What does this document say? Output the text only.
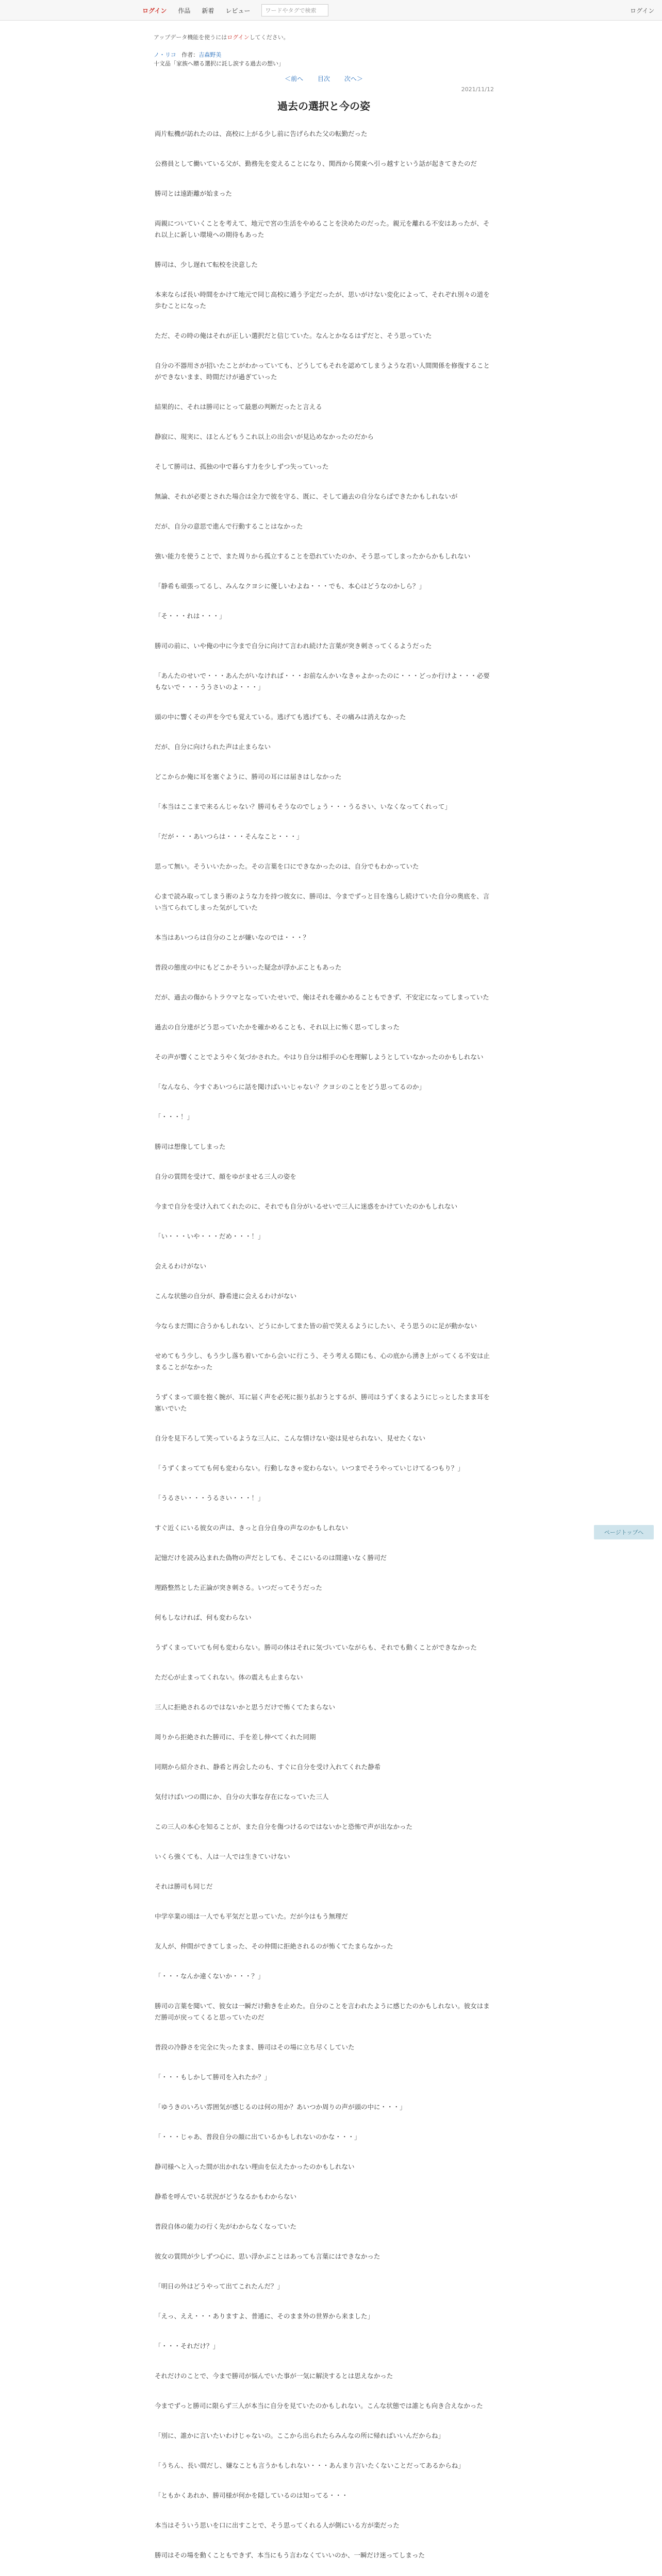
ログイン 作品 新着 レビュー	ワードやタグで検索	ログイン
アップデータ機能を使うにはログインしてください。
ノ・リコ 作者：吉森野美
十文品「家族へ贈る選択に託し涙する過去の想い」
＜前へ 目次 次へ＞
2021/11/12
過去の選択と今の姿

両片転機が訪れたのは、高校に上がる少し前に告げられた父の転勤だった

公務員として働いている父が、勤務先を変えることになり、関西から関東へ引っ越すという話が起きてきたのだ

勝司とは遠距離が始まった

両親についていくことを考えて、地元で宮の生活をやめることを決めたのだった。親元を離れる不安はあったが、それ以上に新しい環境への期待もあった

勝司は、少し遅れて転校を決意した

本来ならば長い時間をかけて地元で同じ高校に通う予定だったが、思いがけない変化によって、それぞれ別々の道を歩むことになった

ただ、その時の俺はそれが正しい選択だと信じていた。なんとかなるはずだと、そう思っていた

自分の不器用さが招いたことがわかっていても、どうしてもそれを認めてしまうような若い人間関係を修復することができないまま、時間だけが過ぎていった

結果的に、それは勝司にとって最悪の判断だったと言える

静寂に、現実に、ほとんどもうこれ以上の出会いが見込めなかったのだから

そして勝司は、孤独の中で暮らす力を少しずつ失っていった

無論、それが必要とされた場合は全力で彼を守る、既に、そして過去の自分ならばできたかもしれないが

だが、自分の意思で進んで行動することはなかった

強い能力を使うことで、また周りから孤立することを恐れていたのか、そう思ってしまったからかもしれない

「静希も頑張ってるし、みんなクヨシに優しいわよね・・・でも、本心はどうなのかしら？」

「そ・・・れは・・・」

勝司の前に、いや俺の中に今まで自分に向けて言われ続けた言葉が突き刺さってくるようだった

「あんたのせいで・・・あんたがいなければ・・・お前なんかいなきゃよかったのに・・・どっか行けよ・・・必要もないで・・・ううさいのよ・・・」

頭の中に響くその声を今でも覚えている。逃げても逃げても、その痛みは消えなかった

だが、自分に向けられた声は止まらない

どこからか俺に耳を塞ぐように、勝司の耳には届きはしなかった

「本当はここまで来るんじゃない？勝司もそうなのでしょう・・・うるさい、いなくなってくれって」

「だが・・・あいつらは・・・そんなこと・・・」

思って無い。そういいたかった。その言葉を口にできなかったのは、自分でもわかっていた

心まで読み取ってしまう術のような力を持つ彼女に、勝司は、今までずっと目を逸らし続けていた自分の奥底を、言い当てられてしまった気がしていた

本当はあいつらは自分のことが嫌いなのでは・・・？

普段の態度の中にもどこかそういった疑念が浮かぶこともあった

だが、過去の傷からトラウマとなっていたせいで、俺はそれを確かめることもできず、不安定になってしまっていた

過去の自分達がどう思っていたかを確かめることも、それ以上に怖く思ってしまった

その声が響くことでようやく気づかされた。やはり自分は相手の心を理解しようとしていなかったのかもしれない

「なんなら、今すぐあいつらに話を聞けばいいじゃない？クヨシのことをどう思ってるのか」

「・・・！」

勝司は想像してしまった

自分の質問を受けて、顔をゆがませる三人の姿を

今まで自分を受け入れてくれたのに、それでも自分がいるせいで三人に迷惑をかけていたのかもしれない

「い・・・いや・・・だめ・・・！」

会えるわけがない

こんな状態の自分が、静希達に会えるわけがない

今ならまだ間に合うかもしれない、どうにかしてまた皆の前で笑えるようにしたい、そう思うのに足が動かない

せめてもう少し、もう少し落ち着いてから会いに行こう、そう考える間にも、心の底から湧き上がってくる不安は止まることがなかった

うずくまって頭を抱く腕が、耳に届く声を必死に振り払おうとするが、勝司はうずくまるようにじっとしたまま耳を塞いでいた

自分を見下ろして笑っているような三人に、こんな情けない姿は見せられない、見せたくない

「うずくまってても何も変わらない。行動しなきゃ変わらない。いつまでそうやっていじけてるつもり？」

「うるさい・・・うるさい・・・！」

すぐ近くにいる彼女の声は、きっと自分自身の声なのかもしれない

記憶だけを読み込まれた偽物の声だとしても、そこにいるのは間違いなく勝司だ

理路整然とした正論が突き刺さる。いつだってそうだった

何もしなければ、何も変わらない

うずくまっていても何も変わらない。勝司の体はそれに気づいていながらも、それでも動くことができなかった

ただ心が止まってくれない。体の震えも止まらない

三人に拒絶されるのではないかと思うだけで怖くてたまらない

周りから拒絶された勝司に、手を差し伸べてくれた同期

同期から紹介され、静希と再会したのも、すぐに自分を受け入れてくれた静希

気付けばいつの間にか、自分の大事な存在になっていた三人

この三人の本心を知ることが、また自分を傷つけるのではないかと恐怖で声が出なかった

いくら強くても、人は一人では生きていけない

それは勝司も同じだ

中学卒業の頃は一人でも平気だと思っていた。だが今はもう無理だ

友人が、仲間ができてしまった、その仲間に拒絶されるのが怖くてたまらなかった

「・・・なんか違くないか・・・？」

勝司の言葉を聞いて、彼女は一瞬だけ動きを止めた。自分のことを言われたように感じたのかもしれない。彼女はまだ勝司が戻ってくると思っていたのだ

普段の冷静さを完全に失ったまま、勝司はその場に立ち尽くしていた

「・・・もしかして勝司を入れたか？」

「ゆうきのいろい雰囲気が感じるのは何の用か？あいつか周りの声が頭の中に・・・」

「・・・じゃあ、普段自分の顔に出ているかもしれないのかな・・・」

静司様へと入った間が出かれない理由を伝えたかったのかもしれない

静希を呼んでいる状況がどうなるかもわからない

普段自体の能力の行く先がわからなくなっていた

彼女の質問が少しずつ心に、思い浮かぶことはあっても言葉にはできなかった

「明日の外はどうやって出てこれたんだ？」

「えっ、ええ・・・ありますよ、普通に、そのまま外の世界から来ました」

「・・・それだけ？」

それだけのことで、今まで勝司が悩んでいた事が一気に解決するとは思えなかった

今までずっと勝司に限らず三人が本当に自分を見ていたのかもしれない。こんな状態では誰とも向き合えなかった

「別に、誰かに言いたいわけじゃないの。ここから出られたらみんなの所に帰ればいいんだからね」

「うちん、長い間だし、嫌なことも言うかもしれない・・・あんまり言いたくないことだってあるからね」

「ともかくあれか、勝司様が何かを隠しているのは知ってる・・・

本当はそういう思いを口に出すことで、そう思ってくれる人が側にいる方が楽だった

勝司はその場を動くこともできず、本当にもう言わなくていいのか、一瞬だけ迷ってしまった

ページトップへ
